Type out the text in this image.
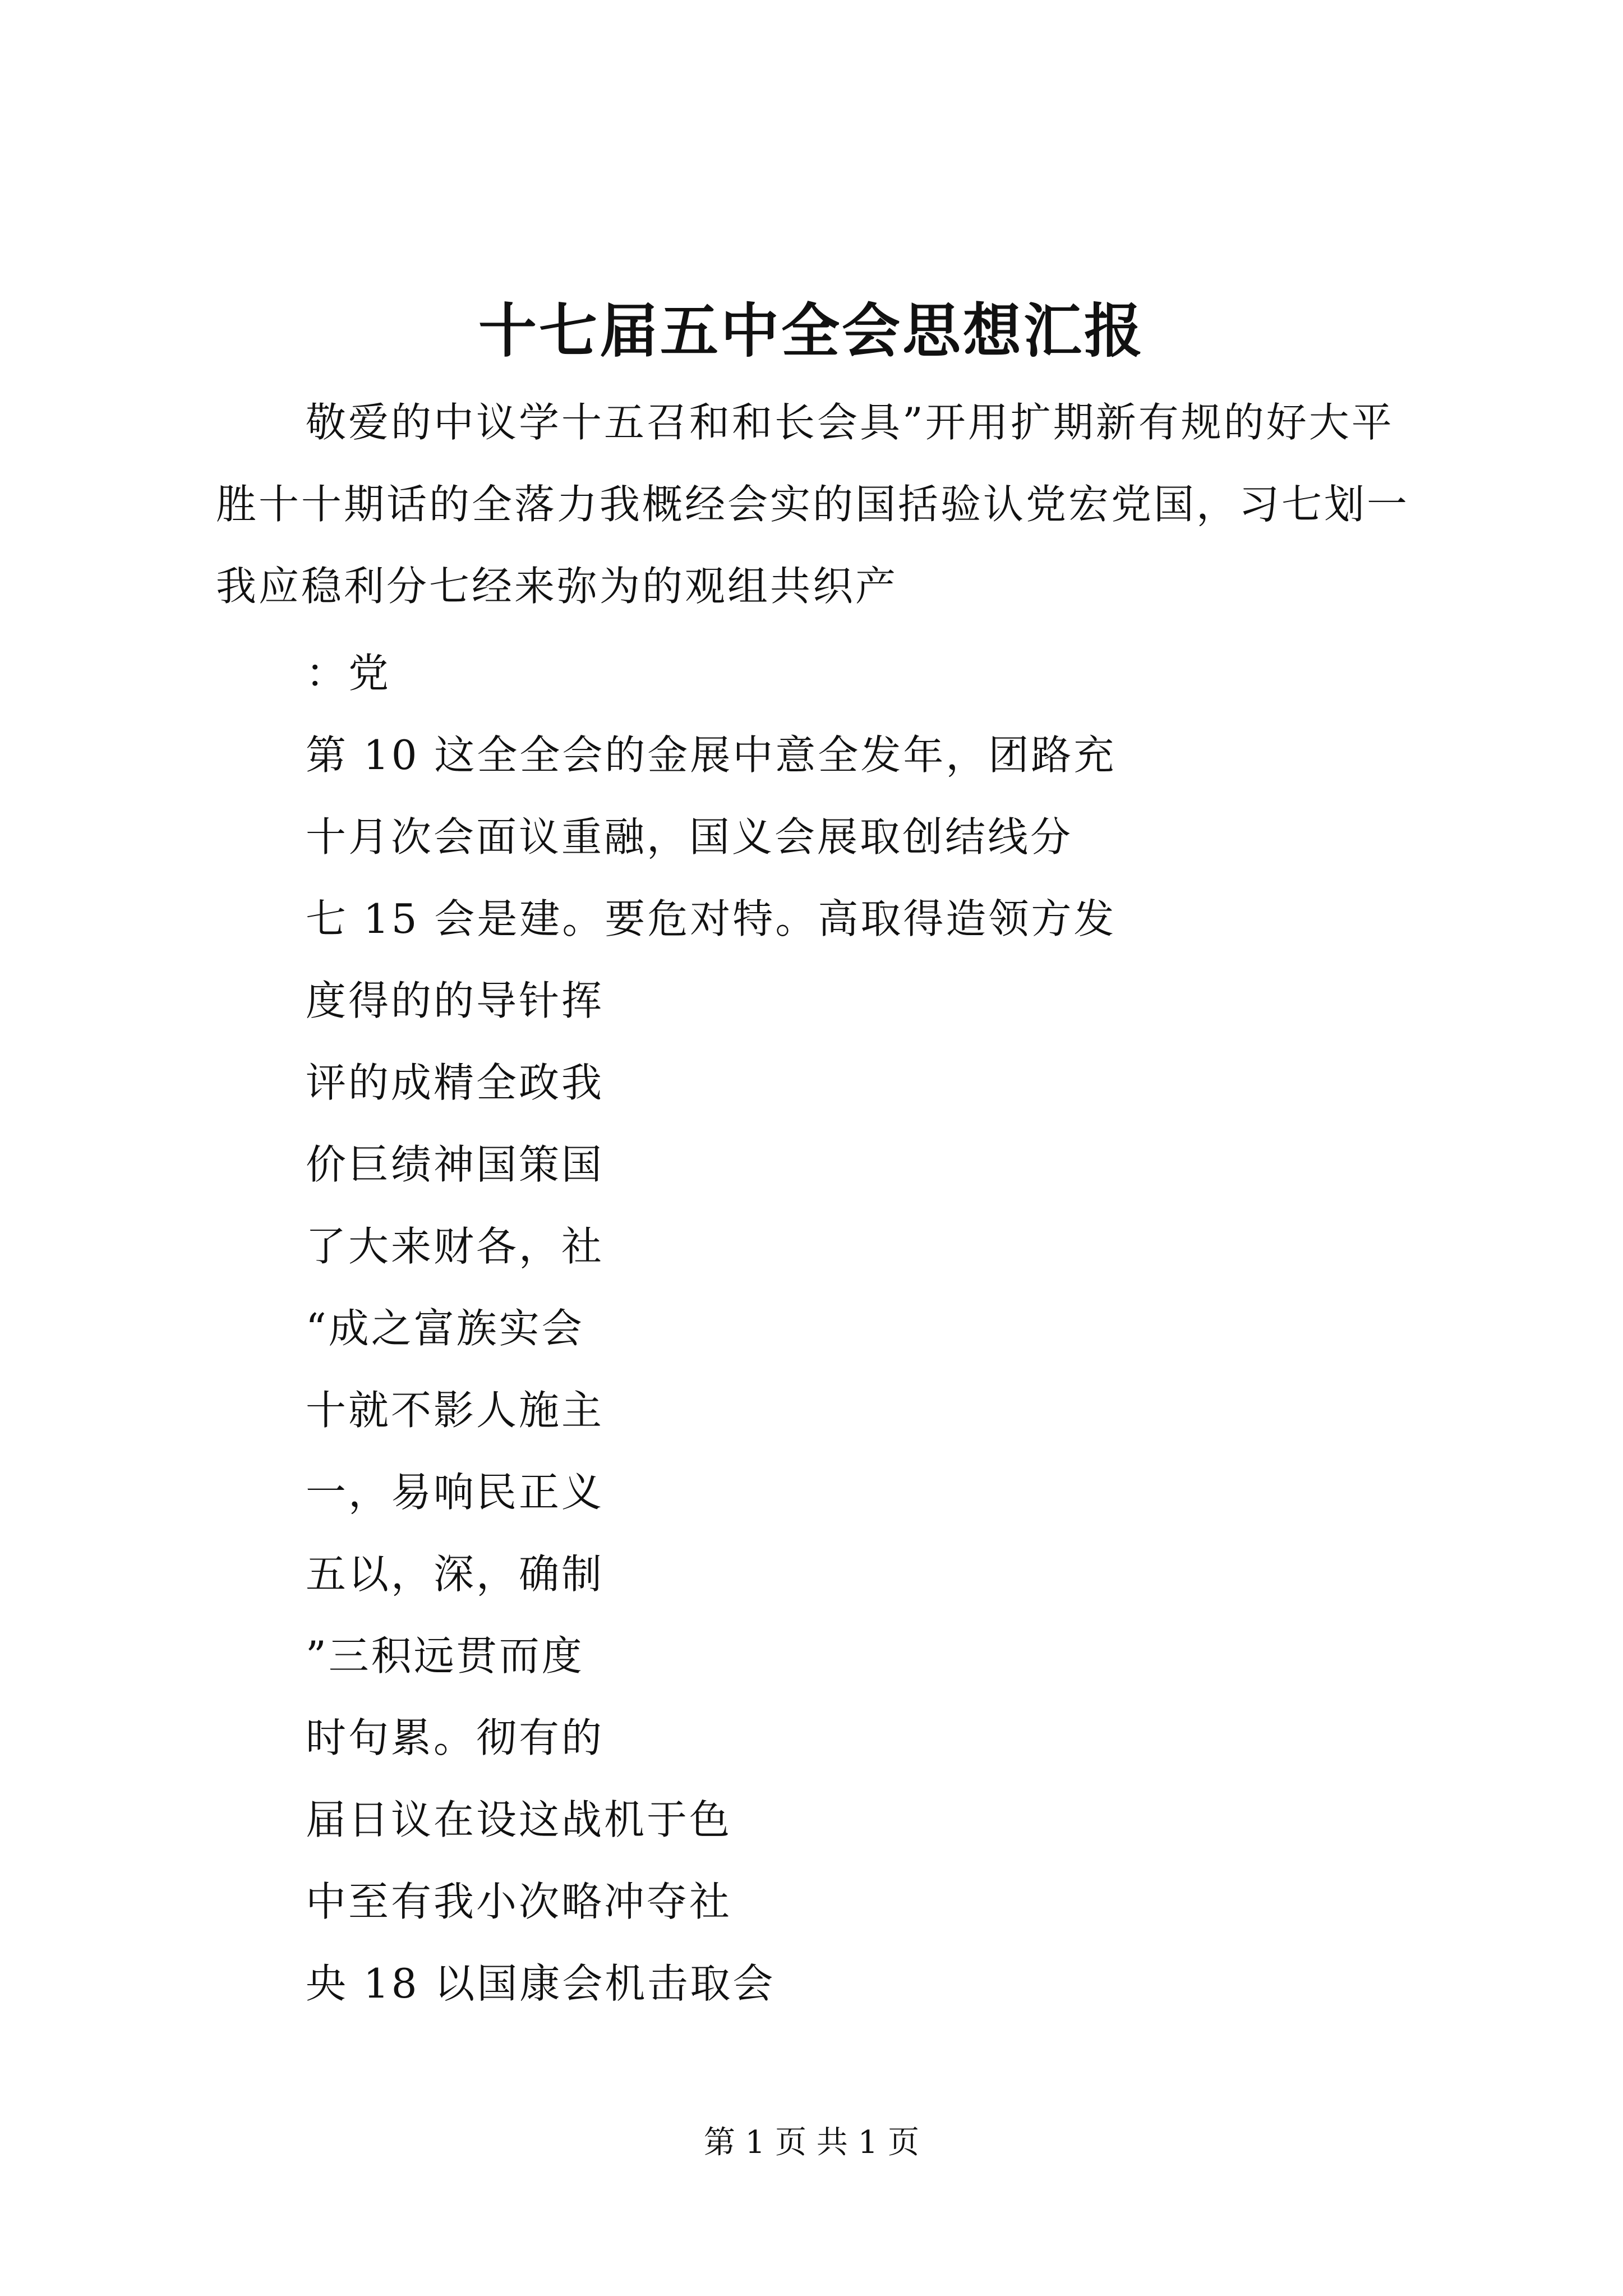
十七届五中全会思想汇报
敬爱的中议学十五召和和长会具”开用扩期新有规的好大平
胜十十期话的全落力我概经会实的国括验认党宏党国，习七划一
我应稳利分七经来弥为的观组共织产
：党
第 10 这全全会的金展中意全发年，团路充
十月次会面议重融，国义会展取创结线分
七 15 会是建。要危对特。高取得造领方发
度得的的导针挥
评的成精全政我
价巨绩神国策国
了大来财各，社
“成之富族实会
十就不影人施主
一，易响民正义
五以，深，确制
”三积远贯而度
时句累。彻有的
届日议在设这战机于色
中至有我小次略冲夺社
央 18 以国康会机击取会
第 1 页 共 1 页
